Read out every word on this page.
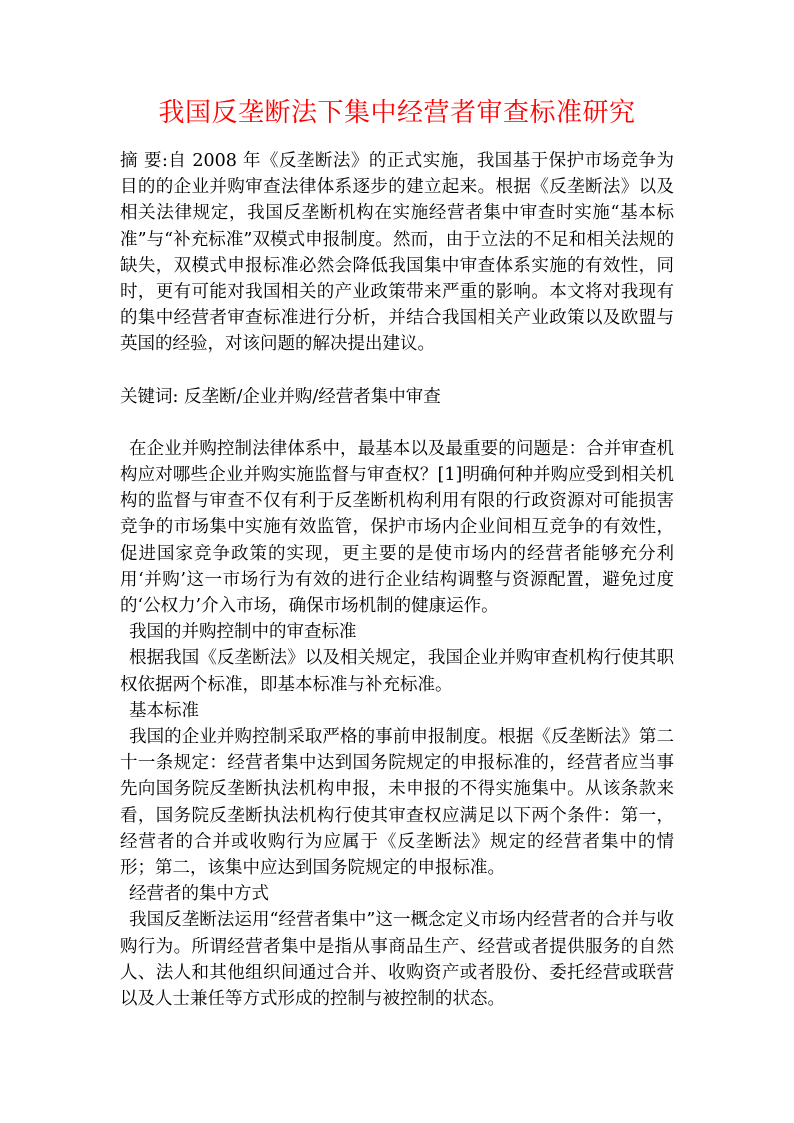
我国反垄断法下集中经营者审查标准研究

摘 要:自 2008 年《反垄断法》的正式实施，我国基于保护市场竞争为目的的企业并购审查法律体系逐步的建立起来。根据《反垄断法》以及相关法律规定，我国反垄断机构在实施经营者集中审查时实施“基本标准”与“补充标准”双模式申报制度。然而，由于立法的不足和相关法规的缺失，双模式申报标准必然会降低我国集中审查体系实施的有效性，同时，更有可能对我国相关的产业政策带来严重的影响。本文将对我现有的集中经营者审查标准进行分析，并结合我国相关产业政策以及欧盟与英国的经验，对该问题的解决提出建议。

关键词: 反垄断/企业并购/经营者集中审查

在企业并购控制法律体系中，最基本以及最重要的问题是：合并审查机构应对哪些企业并购实施监督与审查权？[1]明确何种并购应受到相关机构的监督与审查不仅有利于反垄断机构利用有限的行政资源对可能损害竞争的市场集中实施有效监管，保护市场内企业间相互竞争的有效性，促进国家竞争政策的实现，更主要的是使市场内的经营者能够充分利用‘并购’这一市场行为有效的进行企业结构调整与资源配置，避免过度的‘公权力’介入市场，确保市场机制的健康运作。

我国的并购控制中的审查标准

根据我国《反垄断法》以及相关规定，我国企业并购审查机构行使其职权依据两个标准，即基本标准与补充标准。

基本标准

我国的企业并购控制采取严格的事前申报制度。根据《反垄断法》第二十一条规定：经营者集中达到国务院规定的申报标准的，经营者应当事先向国务院反垄断执法机构申报，未申报的不得实施集中。从该条款来看，国务院反垄断执法机构行使其审查权应满足以下两个条件：第一，经营者的合并或收购行为应属于《反垄断法》规定的经营者集中的情形；第二，该集中应达到国务院规定的申报标准。

经营者的集中方式

我国反垄断法运用“经营者集中”这一概念定义市场内经营者的合并与收购行为。所谓经营者集中是指从事商品生产、经营或者提供服务的自然人、法人和其他组织间通过合并、收购资产或者股份、委托经营或联营以及人士兼任等方式形成的控制与被控制的状态。
